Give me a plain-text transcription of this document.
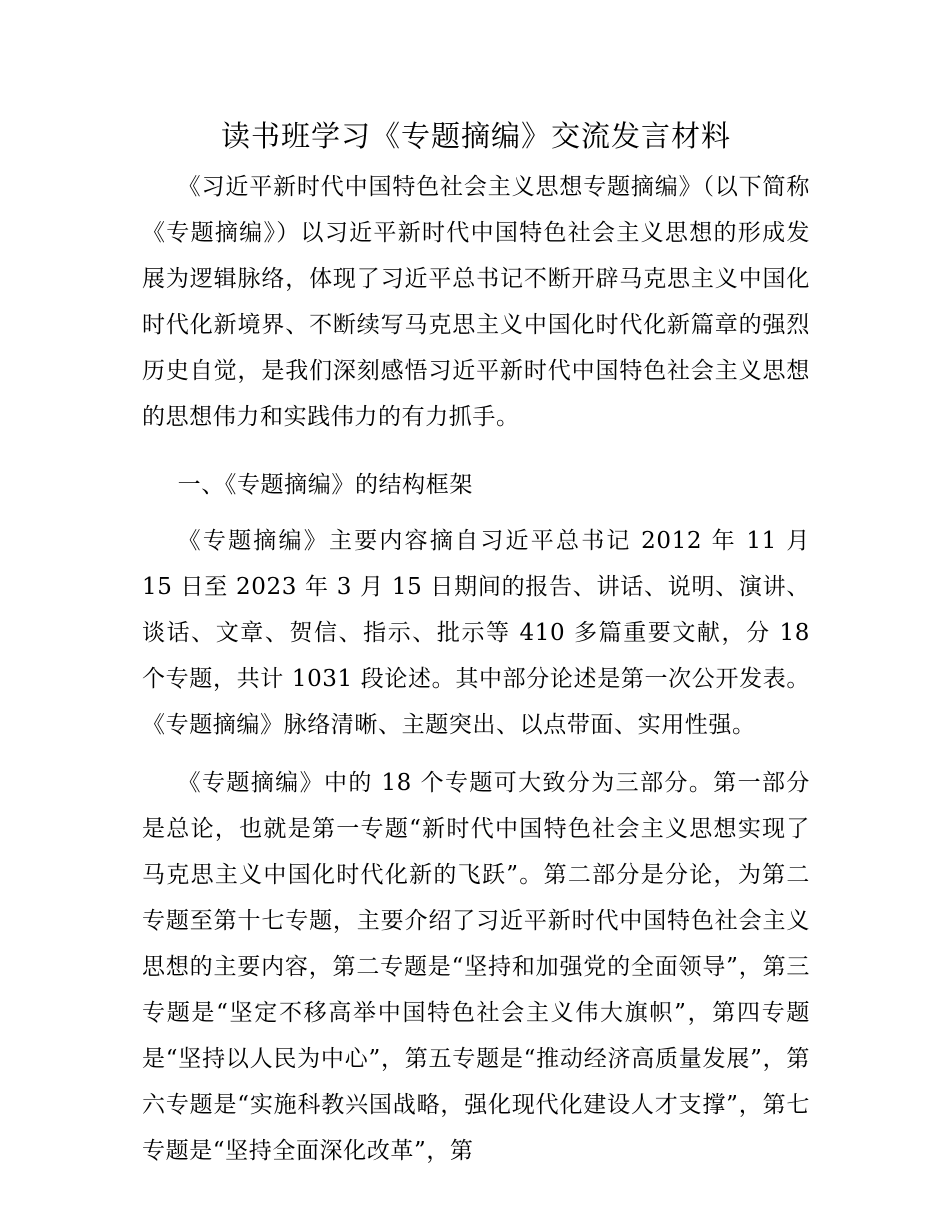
读书班学习《专题摘编》交流发言材料

《习近平新时代中国特色社会主义思想专题摘编》（以下简称《专题摘编》）以习近平新时代中国特色社会主义思想的形成发展为逻辑脉络，体现了习近平总书记不断开辟马克思主义中国化时代化新境界、不断续写马克思主义中国化时代化新篇章的强烈历史自觉，是我们深刻感悟习近平新时代中国特色社会主义思想的思想伟力和实践伟力的有力抓手。

一、《专题摘编》的结构框架

《专题摘编》主要内容摘自习近平总书记 2012 年 11 月 15 日至 2023 年 3 月 15 日期间的报告、讲话、说明、演讲、谈话、文章、贺信、指示、批示等 410 多篇重要文献，分 18 个专题，共计 1031 段论述。其中部分论述是第一次公开发表。《专题摘编》脉络清晰、主题突出、以点带面、实用性强。

《专题摘编》中的 18 个专题可大致分为三部分。第一部分是总论，也就是第一专题“新时代中国特色社会主义思想实现了马克思主义中国化时代化新的飞跃”。第二部分是分论，为第二专题至第十七专题，主要介绍了习近平新时代中国特色社会主义思想的主要内容，第二专题是“坚持和加强党的全面领导”，第三专题是“坚定不移高举中国特色社会主义伟大旗帜”，第四专题是“坚持以人民为中心”，第五专题是“推动经济高质量发展”，第六专题是“实施科教兴国战略，强化现代化建设人才支撑”，第七专题是“坚持全面深化改革”，第
